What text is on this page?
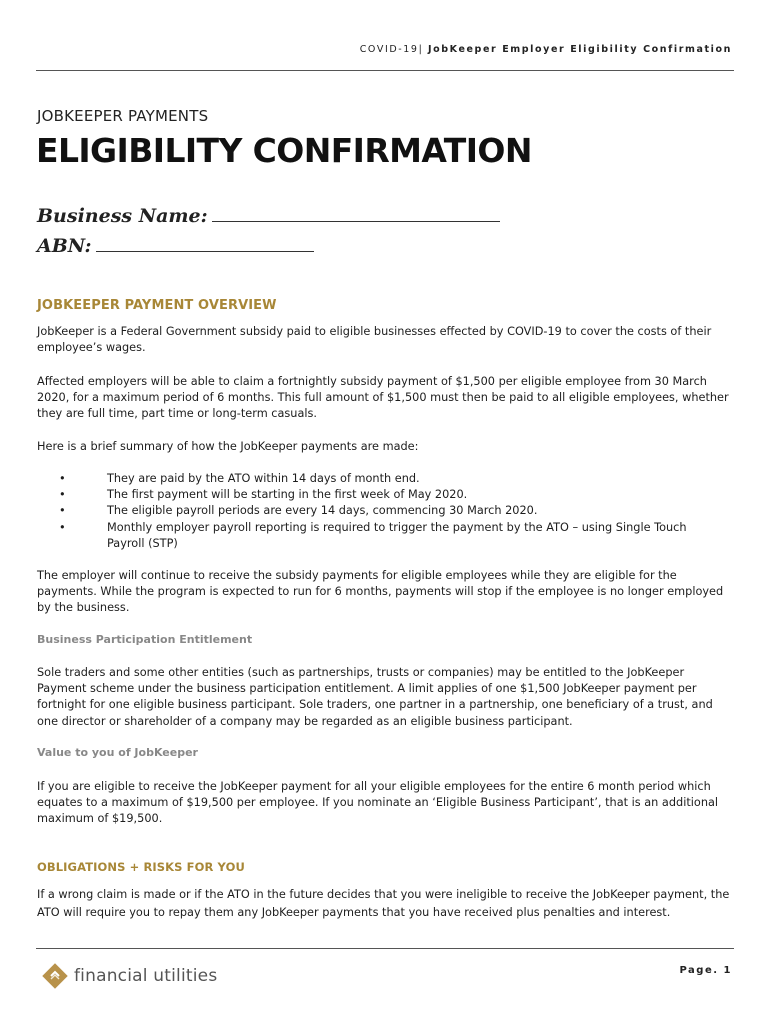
COVID-19| JobKeeper Employer Eligibility Confirmation
JOBKEEPER PAYMENTS
ELIGIBILITY CONFIRMATION
Business Name:
ABN:
JOBKEEPER PAYMENT OVERVIEW

JobKeeper is a Federal Government subsidy paid to eligible businesses effected by COVID-19 to cover the costs of their employee’s wages.

Affected employers will be able to claim a fortnightly subsidy payment of $1,500 per eligible employee from 30 March 2020, for a maximum period of 6 months. This full amount of $1,500 must then be paid to all eligible employees, whether they are full time, part time or long-term casuals.

Here is a brief summary of how the JobKeeper payments are made:

•	They are paid by the ATO within 14 days of month end.
•	The first payment will be starting in the first week of May 2020.
•	The eligible payroll periods are every 14 days, commencing 30 March 2020.
•	Monthly employer payroll reporting is required to trigger the payment by the ATO – using Single Touch Payroll (STP)

The employer will continue to receive the subsidy payments for eligible employees while they are eligible for the payments. While the program is expected to run for 6 months, payments will stop if the employee is no longer employed by the business.

Business Participation Entitlement

Sole traders and some other entities (such as partnerships, trusts or companies) may be entitled to the JobKeeper Payment scheme under the business participation entitlement. A limit applies of one $1,500 JobKeeper payment per fortnight for one eligible business participant. Sole traders, one partner in a partnership, one beneficiary of a trust, and one director or shareholder of a company may be regarded as an eligible business participant.

Value to you of JobKeeper

If you are eligible to receive the JobKeeper payment for all your eligible employees for the entire 6 month period which equates to a maximum of $19,500 per employee. If you nominate an ‘Eligible Business Participant’, that is an additional maximum of $19,500.

OBLIGATIONS + RISKS FOR YOU

If a wrong claim is made or if the ATO in the future decides that you were ineligible to receive the JobKeeper payment, the ATO will require you to repay them any JobKeeper payments that you have received plus penalties and interest.

financial utilities	Page. 1
